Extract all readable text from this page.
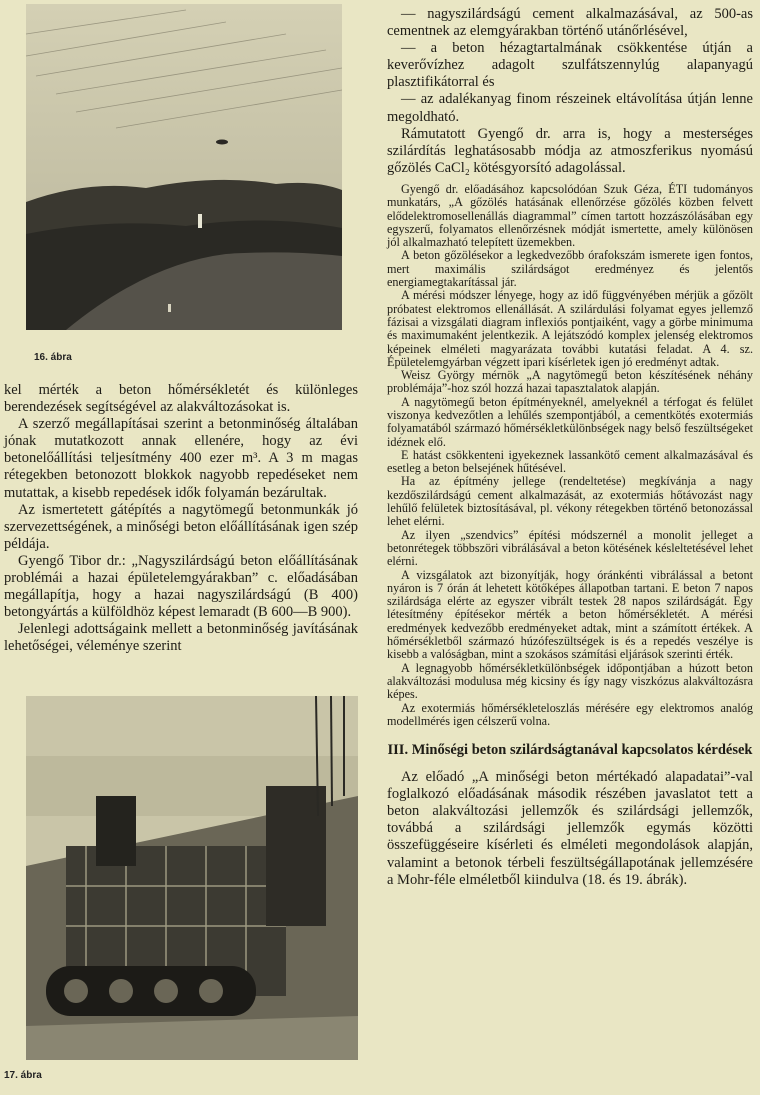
16. ábra

kel mérték a beton hőmérsékletét és különleges berendezések segítségével az alakváltozásokat is.

A szerző megállapításai szerint a betonminőség általában jónak mutatkozott annak ellenére, hogy az évi betonelőállítási teljesítmény 400 ezer m³. A 3 m magas rétegekben betonozott blokkok nagyobb repedéseket nem mutattak, a kisebb repedések idők folyamán bezárultak.

Az ismertetett gátépítés a nagytömegű betonmunkák jó szervezettségének, a minőségi beton előállításának igen szép példája.

Gyengő Tibor dr.: „Nagyszilárdságú beton előállításának problémái a hazai épületelemgyárakban” c. előadásában megállapítja, hogy a hazai nagyszilárdságú (B 400) betongyártás a külföldhöz képest lemaradt (B 600—B 900).

Jelenlegi adottságaink mellett a betonminőség javításának lehetőségei, véleménye szerint

17. ábra

— nagyszilárdságú cement alkalmazásával, az 500-as cementnek az elemgyárakban történő utánőrlésével,

— a beton hézagtartalmának csökkentése útján a keverővízhez adagolt szulfátszennylúg alapanyagú plasztifikátorral és

— az adalékanyag finom részeinek eltávolítása útján lenne megoldható.

Rámutatott Gyengő dr. arra is, hogy a mesterséges szilárdítás leghatásosabb módja az atmoszferikus nyomású gőzölés CaCl₂ kötésgyorsító adagolással.

Gyengő dr. előadásához kapcsolódóan Szuk Géza, ÉTI tudományos munkatárs, „A gőzölés hatásának ellenőrzése gőzölés közben felvett elődelektromosellenállás diagrammal” címen tartott hozzászólásában egy egyszerű, folyamatos ellenőrzésnek módját ismertette, amely különösen jól alkalmazható telepített üzemekben.

A beton gőzölésekor a legkedvezőbb órafokszám ismerete igen fontos, mert maximális szilárdságot eredményez és jelentős energiamegtakarítással jár.

A mérési módszer lényege, hogy az idő függvényében mérjük a gőzölt próbatest elektromos ellenállását. A szilárdulási folyamat egyes jellemző fázisai a vizsgálati diagram inflexiós pontjaiként, vagy a görbe minimuma és maximumaként jelentkezik. A lejátszódó komplex jelenség elektromos képeinek elméleti magyarázata további kutatási feladat. A 4. sz. Épületelemgyárban végzett ipari kísérletek igen jó eredményt adtak.

Weisz György mérnök „A nagytömegű beton készítésének néhány problémája”-hoz szól hozzá hazai tapasztalatok alapján.

A nagytömegű beton építményeknél, amelyeknél a térfogat és felület viszonya kedvezőtlen a lehűlés szempontjából, a cementkötés exotermiás folyamatából származó hőmérsékletkülönbségek nagy belső feszültségeket idéznek elő.

E hatást csökkenteni igyekeznek lassankötő cement alkalmazásával és esetleg a beton belsejének hűtésével.

Ha az építmény jellege (rendeltetése) megkívánja a nagy kezdőszilárdságú cement alkalmazását, az exotermiás hőtávozást nagy lehűlő felületek biztosításával, pl. vékony rétegekben történő betonozással lehet elérni.

Az ilyen „szendvics” építési módszernél a monolit jelleget a betonrétegek többszöri vibrálásával a beton kötésének késleltetésével lehet elérni.

A vizsgálatok azt bizonyítják, hogy óránkénti vibrálással a betont nyáron is 7 órán át lehetett kötőképes állapotban tartani. E beton 7 napos szilárdsága elérte az egyszer vibrált testek 28 napos szilárdságát. Egy létesítmény építésekor mérték a beton hőmérsékletét. A mérési eredmények kedvezőbb eredményeket adtak, mint a számított értékek. A hőmérsékletből származó húzófeszültségek is és a repedés veszélye is kisebb a valóságban, mint a szokásos számítási eljárások szerinti érték.

A legnagyobb hőmérsékletkülönbségek időpontjában a húzott beton alakváltozási modulusa még kicsiny és így nagy viszkózus alakváltozásra képes.

Az exotermiás hőmérsékleteloszlás mérésére egy elektromos analóg modellmérés igen célszerű volna.

III. Minőségi beton szilárdságtanával kapcsolatos kérdések

Az előadó „A minőségi beton mértékadó alapadatai”-val foglalkozó előadásának második részében javaslatot tett a beton alakváltozási jellemzők és szilárdsági jellemzők, továbbá a szilárdsági jellemzők egymás közötti összefüggéseire kísérleti és elméleti megondolások alapján, valamint a betonok térbeli feszültségállapotának jellemzésére a Mohr-féle elméletből kiindulva (18. és 19. ábrák).
